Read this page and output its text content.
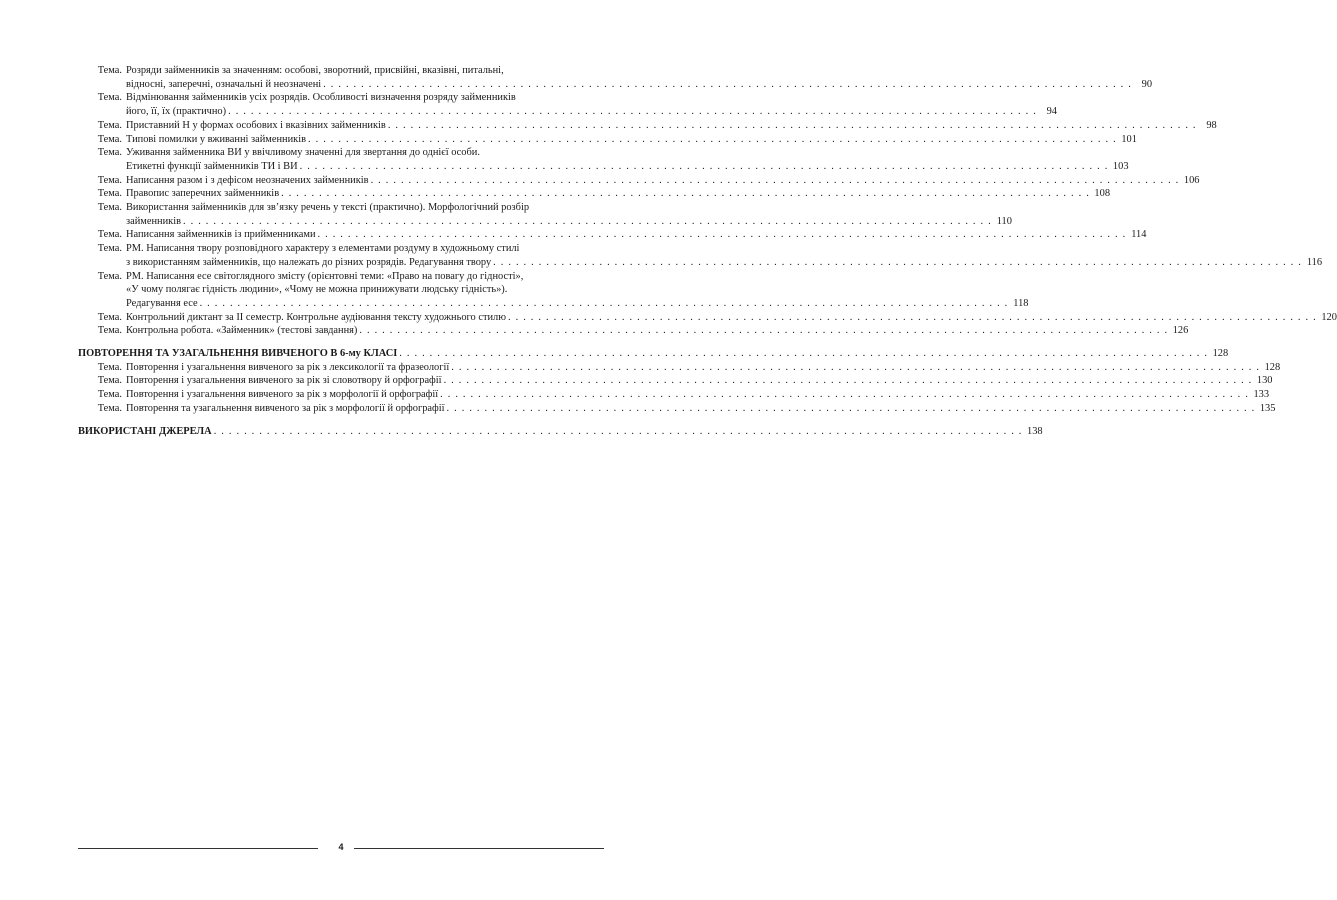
Тема. Розряди займенників за значенням: особові, зворотний, присвійні, вказівні, питальні,
відносні, заперечні, означальні й неозначені . . .	90
Тема. Відмінювання займенників усіх розрядів. Особливості визначення розряду займенників
його, її, їх (практично) . . .	94
Тема. Приставний Н у формах особових і вказівних займенників . . .	98
Тема. Типові помилки у вживанні займенників . . .	101
Тема. Уживання займенника ВИ у ввічливому значенні для звертання до однієї особи.
Етикетні функції займенників ТИ і ВИ . . .	103
Тема. Написання разом і з дефісом неозначених займенників . . .	106
Тема. Правопис заперечних займенників . . .	108
Тема. Використання займенників для зв’язку речень у тексті (практично). Морфологічний розбір
займенників . . .	110
Тема. Написання займенників із прийменниками . . .	114
Тема. РМ. Написання твору розповідного характеру з елементами роздуму в художньому стилі
з використанням займенників, що належать до різних розрядів. Редагування твору . . .	116
Тема. РМ. Написання есе світоглядного змісту (орієнтовні теми: «Право на повагу до гідності»,
«У чому полягає гідність людини», «Чому не можна принижувати людську гідність»).
Редагування есе . . .	118
Тема. Контрольний диктант за ІІ семестр. Контрольне аудіювання тексту художнього стилю . . .	120
Тема. Контрольна робота. «Займенник» (тестові завдання) . . .	126
ПОВТОРЕННЯ ТА УЗАГАЛЬНЕННЯ ВИВЧЕНОГО В 6-му КЛАСІ . . .	128
Тема. Повторення і узагальнення вивченого за рік з лексикології та фразеології . . .	128
Тема. Повторення і узагальнення вивченого за рік зі словотвору й орфографії . . .	130
Тема. Повторення і узагальнення вивченого за рік з морфології й орфографії . . .	133
Тема. Повторення та узагальнення вивченого за рік з морфології й орфографії . . .	135
ВИКОРИСТАНІ ДЖЕРЕЛА . . .	138
4
